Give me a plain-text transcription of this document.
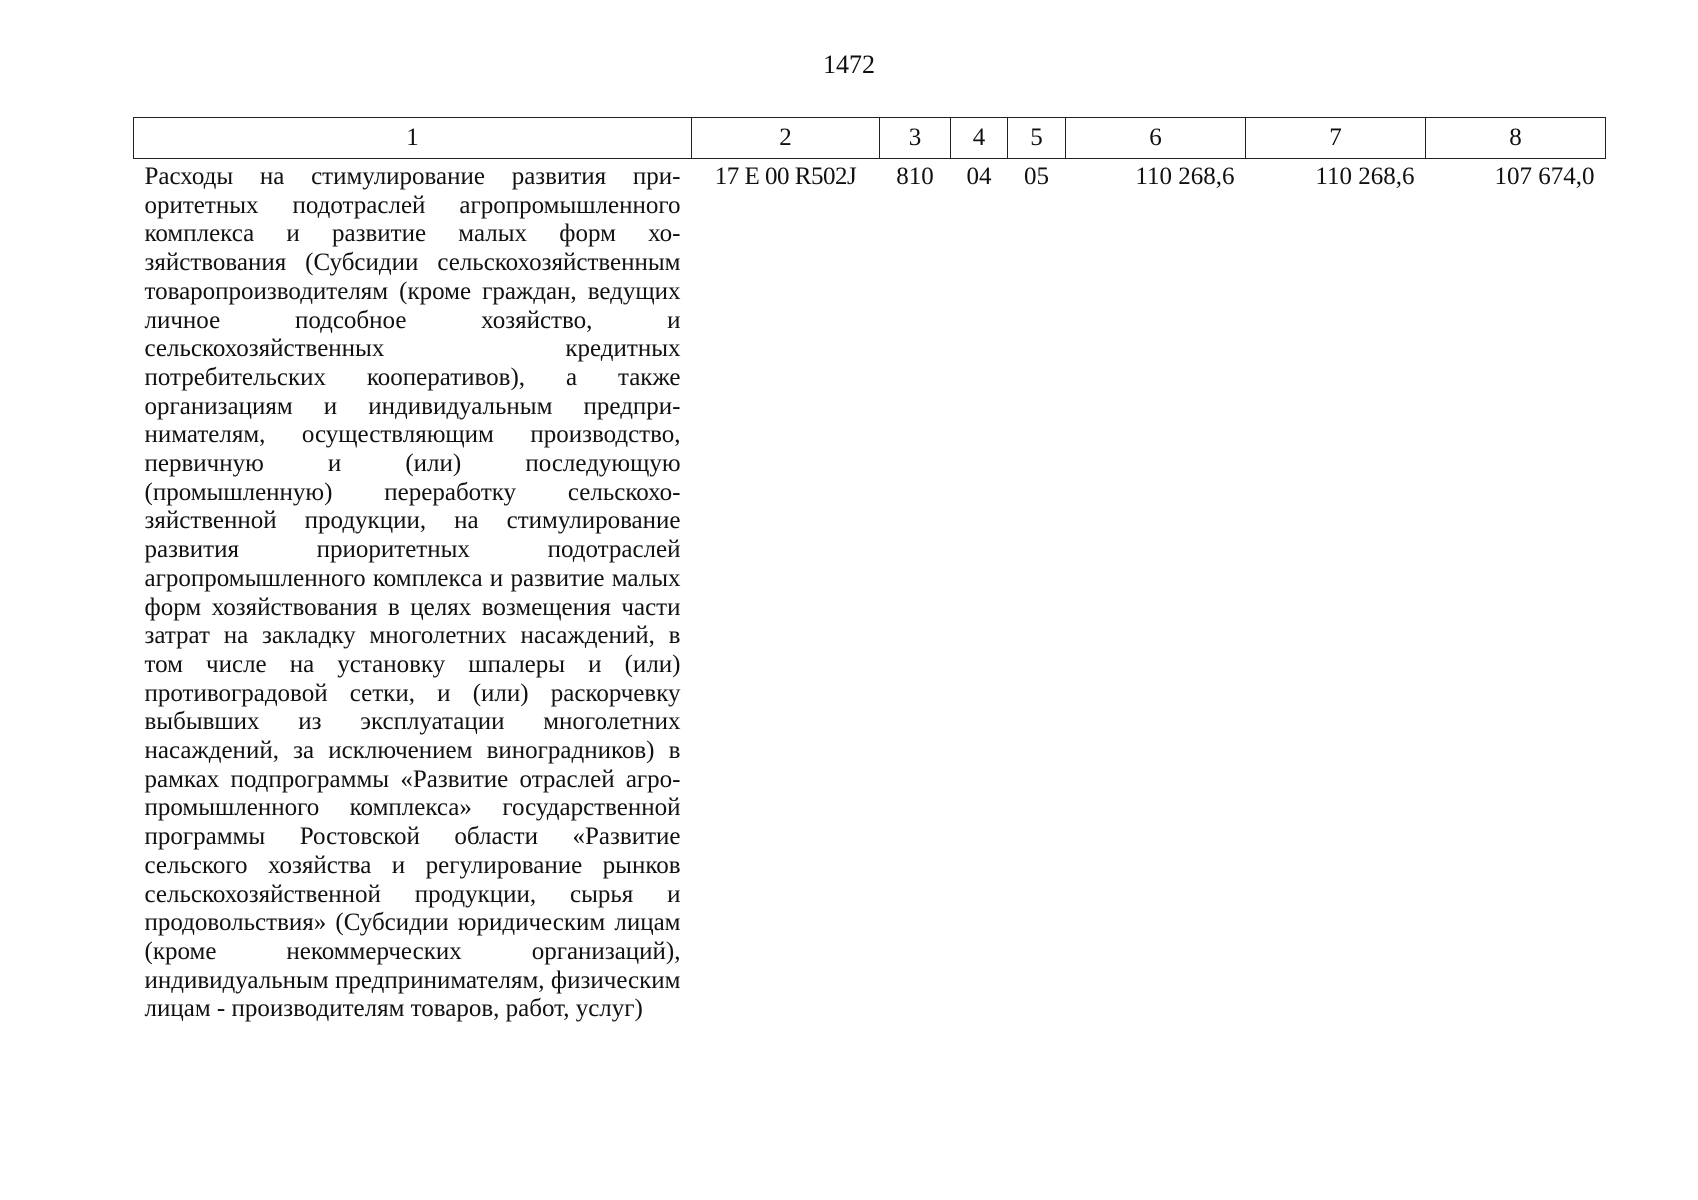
1472
1	2	3	4	5	6	7	8
Расходы на стимулирование развития приоритетных подотраслей агропромышленного комплекса и развитие малых форм хозяйствования (Субсидии сельскохозяйственным товаропроизводителям (кроме граждан, ведущих личное подсобное хозяйство, и сельскохозяйственных кредитных потребительских кооперативов), а также организациям и индивидуальным предпринимателям, осуществляющим производство, первичную и (или) последующую (промышленную) переработку сельскохозяйственной продукции, на стимулирование развития приоритетных подотраслей агропромышленного комплекса и развитие малых форм хозяйствования в целях возмещения части затрат на закладку многолетних насаждений, в том числе на установку шпалеры и (или) противоградовой сетки, и (или) раскорчевку выбывших из эксплуатации многолетних насаждений, за исключением виноградников) в рамках подпрограммы «Развитие отраслей агропромышленного комплекса» государственной программы Ростовской области «Развитие сельского хозяйства и регулирование рынков сельскохозяйственной продукции, сырья и продовольствия» (Субсидии юридическим лицам (кроме некоммерческих организаций), индивидуальным предпринимателям, физическим лицам - производителям товаров, работ, услуг)	17 Е 00 R502J	810	04	05	110 268,6	110 268,6	107 674,0
